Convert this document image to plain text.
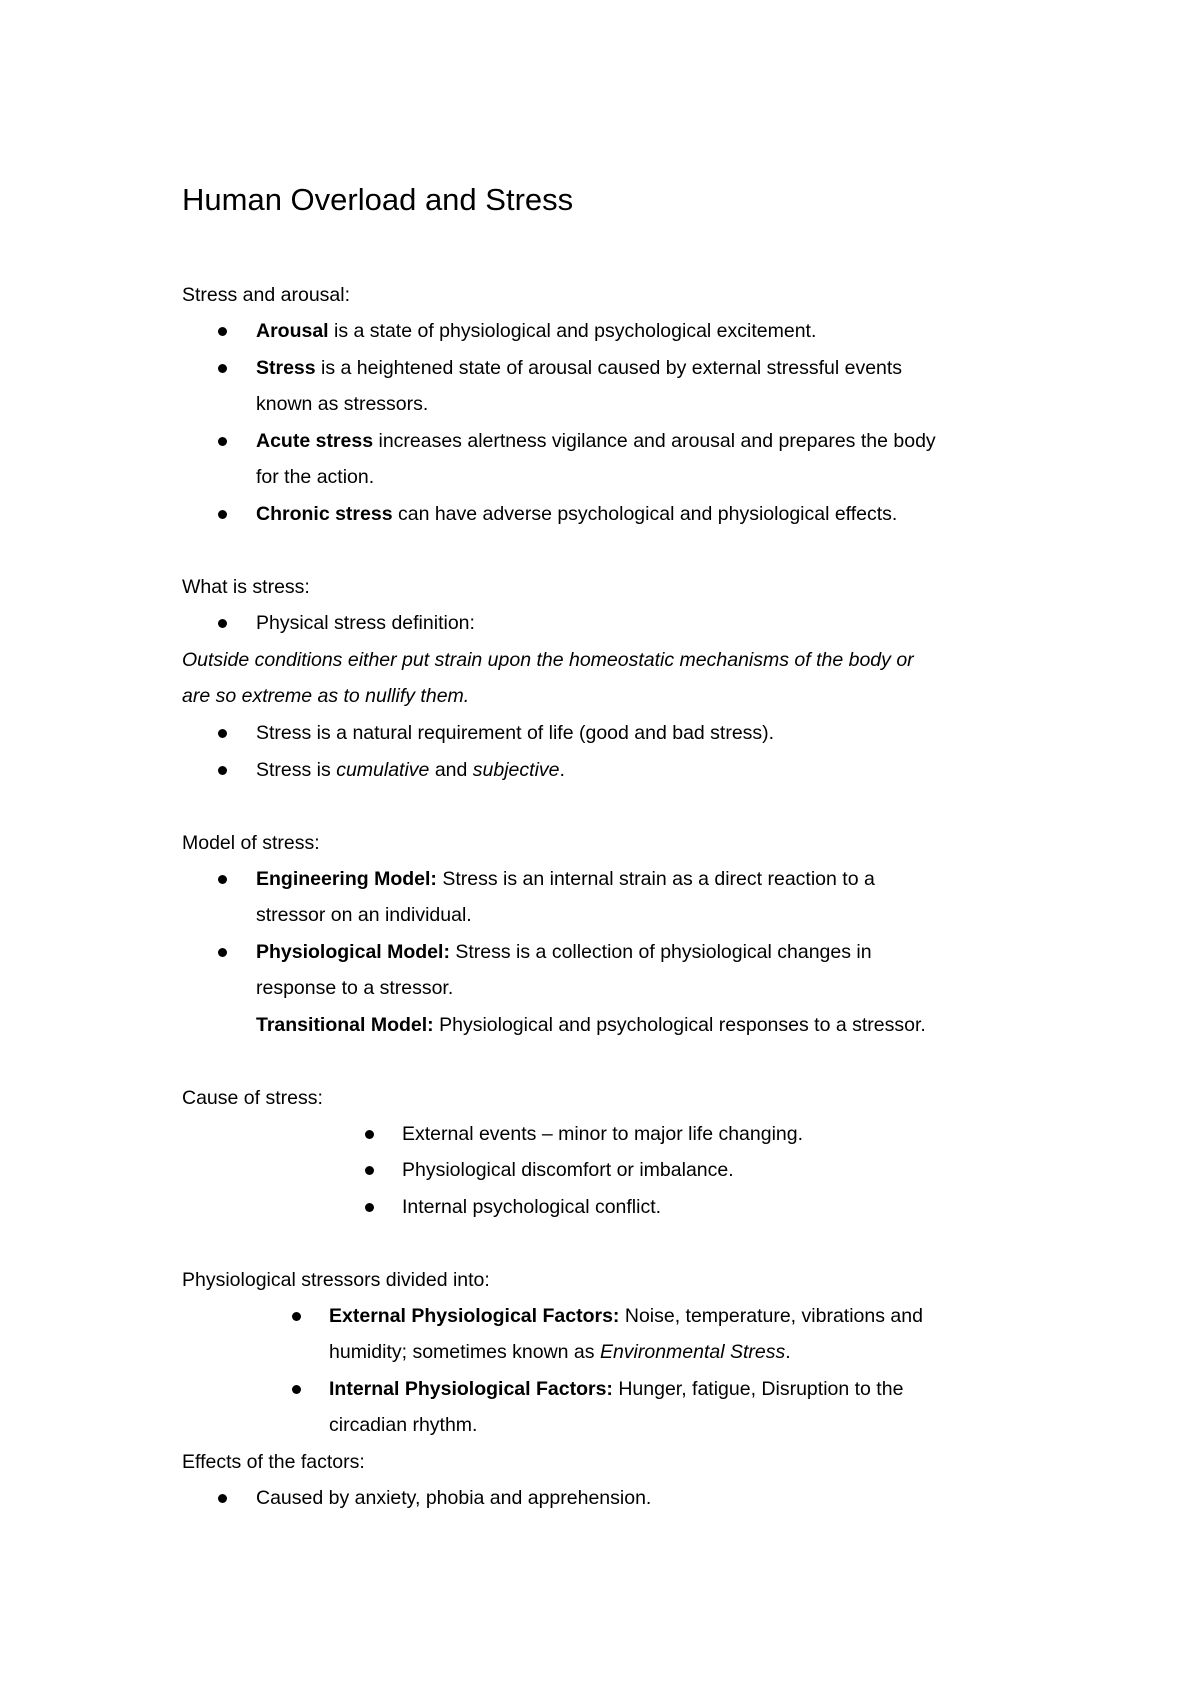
Human Overload and Stress

Stress and arousal:

Arousal is a state of physiological and psychological excitement.
Stress is a heightened state of arousal caused by external stressful events
known as stressors.
Acute stress increases alertness vigilance and arousal and prepares the body
for the action.
Chronic stress can have adverse psychological and physiological effects.

What is stress:

Physical stress definition:

Outside conditions either put strain upon the homeostatic mechanisms of the body or
are so extreme as to nullify them.

Stress is a natural requirement of life (good and bad stress).
Stress is cumulative and subjective.

Model of stress:

Engineering Model: Stress is an internal strain as a direct reaction to a
stressor on an individual.
Physiological Model: Stress is a collection of physiological changes in
response to a stressor.

Transitional Model: Physiological and psychological responses to a stressor.

Cause of stress:

External events – minor to major life changing.
Physiological discomfort or imbalance.
Internal psychological conflict.

Physiological stressors divided into:

External Physiological Factors: Noise, temperature, vibrations and
humidity; sometimes known as Environmental Stress.
Internal Physiological Factors: Hunger, fatigue, Disruption to the
circadian rhythm.

Effects of the factors:

Caused by anxiety, phobia and apprehension.
